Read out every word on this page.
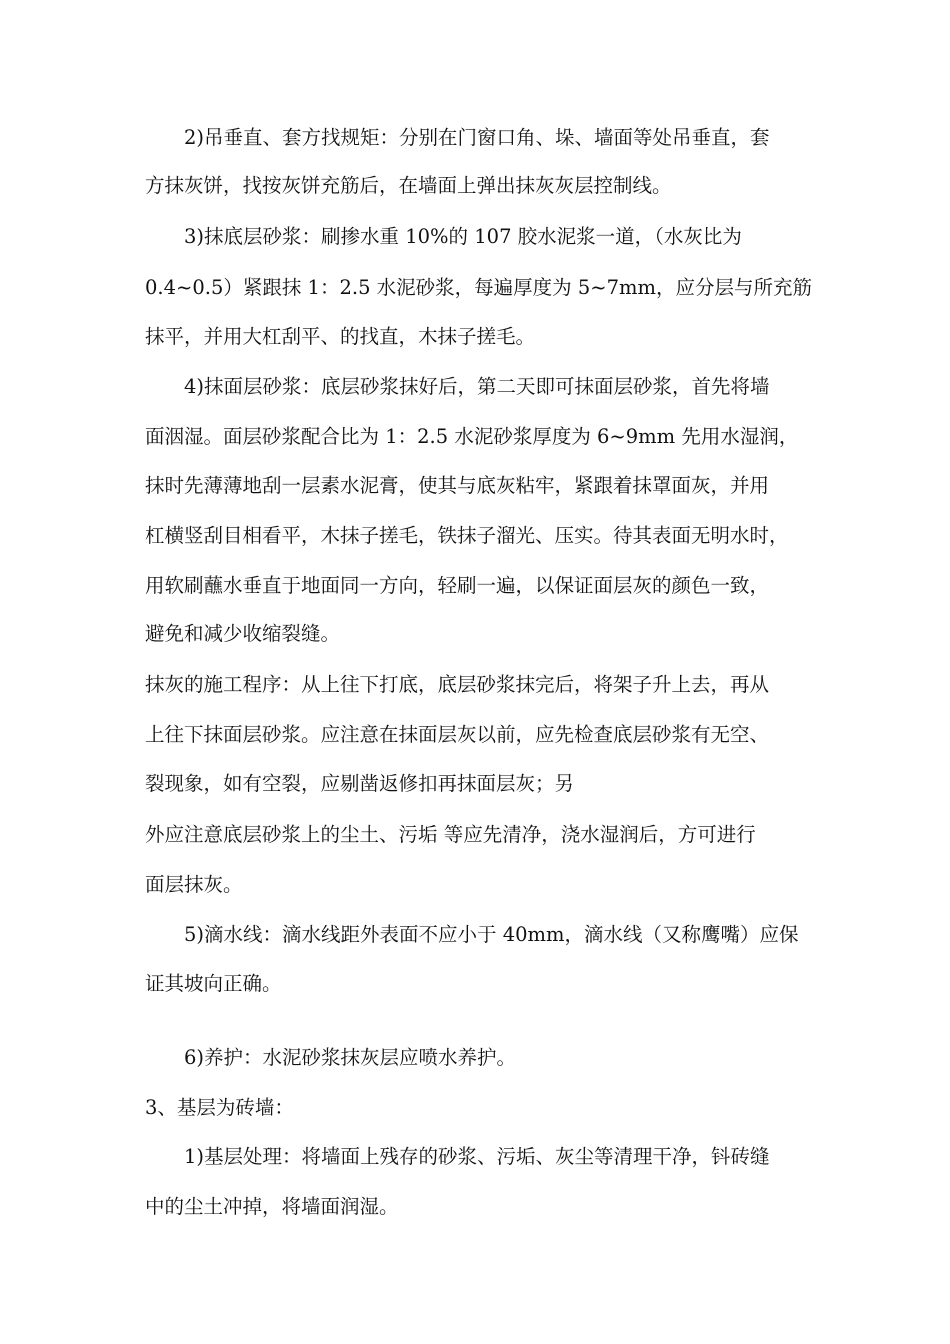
2)吊垂直、套方找规矩：分别在门窗口角、垛、墙面等处吊垂直，套
方抹灰饼，找按灰饼充筋后，在墙面上弹出抹灰灰层控制线。
3)抹底层砂浆：刷掺水重 10%的 107 胶水泥浆一道，（水灰比为
0.4~0.5）紧跟抹 1：2.5 水泥砂浆，每遍厚度为 5~7mm，应分层与所充筋
抹平，并用大杠刮平、的找直，木抹子搓毛。
4)抹面层砂浆：底层砂浆抹好后，第二天即可抹面层砂浆，首先将墙
面洇湿。面层砂浆配合比为 1：2.5 水泥砂浆厚度为 6~9mm 先用水湿润，
抹时先薄薄地刮一层素水泥膏，使其与底灰粘牢，紧跟着抹罩面灰，并用
杠横竖刮目相看平，木抹子搓毛，铁抹子溜光、压实。待其表面无明水时，
用软刷蘸水垂直于地面同一方向，轻刷一遍，以保证面层灰的颜色一致，
避免和减少收缩裂缝。
抹灰的施工程序：从上往下打底，底层砂浆抹完后，将架子升上去，再从
上往下抹面层砂浆。应注意在抹面层灰以前，应先检查底层砂浆有无空、
裂现象，如有空裂，应剔凿返修扣再抹面层灰；另
外应注意底层砂浆上的尘土、污垢 等应先清净，浇水湿润后，方可进行
面层抹灰。
5)滴水线：滴水线距外表面不应小于 40mm，滴水线（又称鹰嘴）应保
证其坡向正确。
6)养护：水泥砂浆抹灰层应喷水养护。
3、基层为砖墙：
1)基层处理：将墙面上残存的砂浆、污垢、灰尘等清理干净，钭砖缝
中的尘土冲掉，将墙面润湿。
